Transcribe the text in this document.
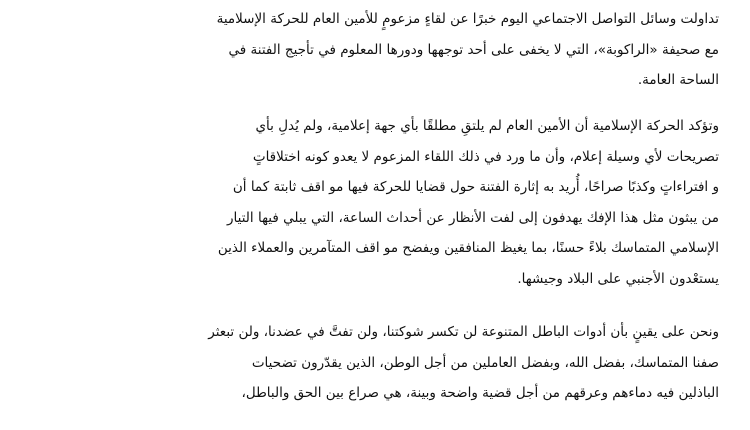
تداولت وسائل التواصل الاجتماعي اليوم خبرًا عن لقاءٍ مزعومٍ للأمين العام للحركة الإسلامية
مع صحيفة «الراكوبة»، التي لا يخفى على أحد توجهها ودورها المعلوم في تأجيج الفتنة في
الساحة العامة.
وتؤكد الحركة الإسلامية أن الأمين العام لم يلتقِ مطلقًا بأي جهة إعلامية، ولم يُدلِ بأي
تصريحات لأي وسيلة إعلام، وأن ما ورد في ذلك اللقاء المزعوم لا يعدو كونه اختلاقاتٍ
و افتراءاتٍ وكذبًا صراحًا، أُريد به إثارة الفتنة حول قضايا للحركة فيها مو اقف ثابتة كما أن
من يبثون مثل هذا الإفك يهدفون إلى لفت الأنظار عن أحداث الساعة، التي يبلي فيها التيار
الإسلامي المتماسك بلاءً حسنًا، بما يغيظ المنافقين ويفضح مو اقف المتآمرين والعملاء الذين
يستعْدون الأجنبي على البلاد وجيشها.
ونحن على يقينٍ بأن أدوات الباطل المتنوعة لن تكسر شوكتنا، ولن تفتَّ في عضدنا، ولن تبعثر
صفنا المتماسك، بفضل الله، وبفضل العاملين من أجل الوطن، الذين يقدّرون تضحيات
الباذلين فيه دماءهم وعرقهم من أجل قضية واضحة وبينة، هي صراع بين الحق والباطل،
